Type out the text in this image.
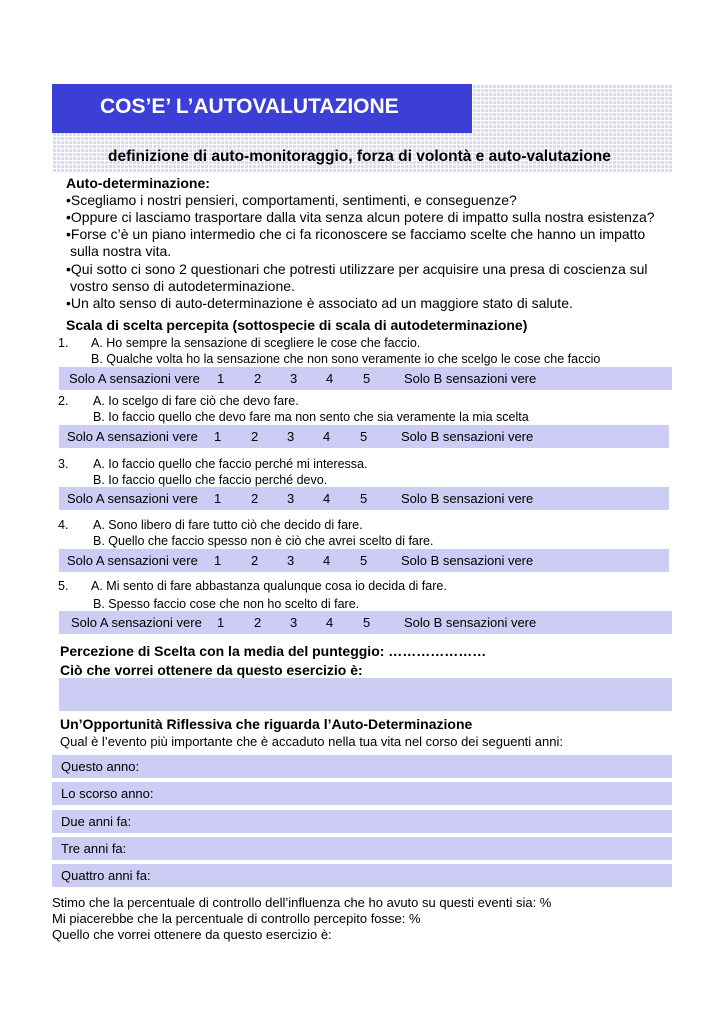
COS’E’ L’AUTOVALUTAZIONE
definizione di auto-monitoraggio, forza di volontà e auto-valutazione
Auto-determinazione:
•Scegliamo i nostri pensieri, comportamenti, sentimenti, e conseguenze?
•Oppure ci lasciamo trasportare dalla vita senza alcun potere di impatto sulla nostra esistenza?
•Forse c’è un piano intermedio che ci fa riconoscere se facciamo scelte che hanno un impatto
sulla nostra vita.
•Qui sotto ci sono 2 questionari che potresti utilizzare per acquisire una presa di coscienza sul
vostro senso di autodeterminazione.
•Un alto senso di auto-determinazione è associato ad un maggiore stato di salute.
Scala di scelta percepita (sottospecie di scala di autodeterminazione)
1. A. Ho sempre la sensazione di scegliere le cose che faccio.
B. Qualche volta ho la sensazione che non sono veramente io che scelgo le cose che faccio
Solo A sensazioni vere 1 2 3 4 5	Solo B sensazioni vere
2. A. Io scelgo di fare ciò che devo fare.
B. Io faccio quello che devo fare ma non sento che sia veramente la mia scelta
Solo A sensazioni vere 1 2 3 4 5	Solo B sensazioni vere
3. A. Io faccio quello che faccio perché mi interessa.
B. Io faccio quello che faccio perché devo.
Solo A sensazioni vere 1 2 3 4 5	Solo B sensazioni vere
4. A. Sono libero di fare tutto ciò che decido di fare.
B. Quello che faccio spesso non è ciò che avrei scelto di fare.
Solo A sensazioni vere 1 2 3 4 5	Solo B sensazioni vere
5. A. Mi sento di fare abbastanza qualunque cosa io decida di fare.
B. Spesso faccio cose che non ho scelto di fare.
Solo A sensazioni vere 1 2 3 4 5	Solo B sensazioni vere
Percezione di Scelta con la media del punteggio: …………………
Ciò che vorrei ottenere da questo esercizio è:
Un’Opportunità Riflessiva che riguarda l’Auto-Determinazione
Qual è l’evento più importante che è accaduto nella tua vita nel corso dei seguenti anni:
Questo anno:
Lo scorso anno:
Due anni fa:
Tre anni fa:
Quattro anni fa:
Stimo che la percentuale di controllo dell’influenza che ho avuto su questi eventi sia: %
Mi piacerebbe che la percentuale di controllo percepito fosse: %
Quello che vorrei ottenere da questo esercizio è:
